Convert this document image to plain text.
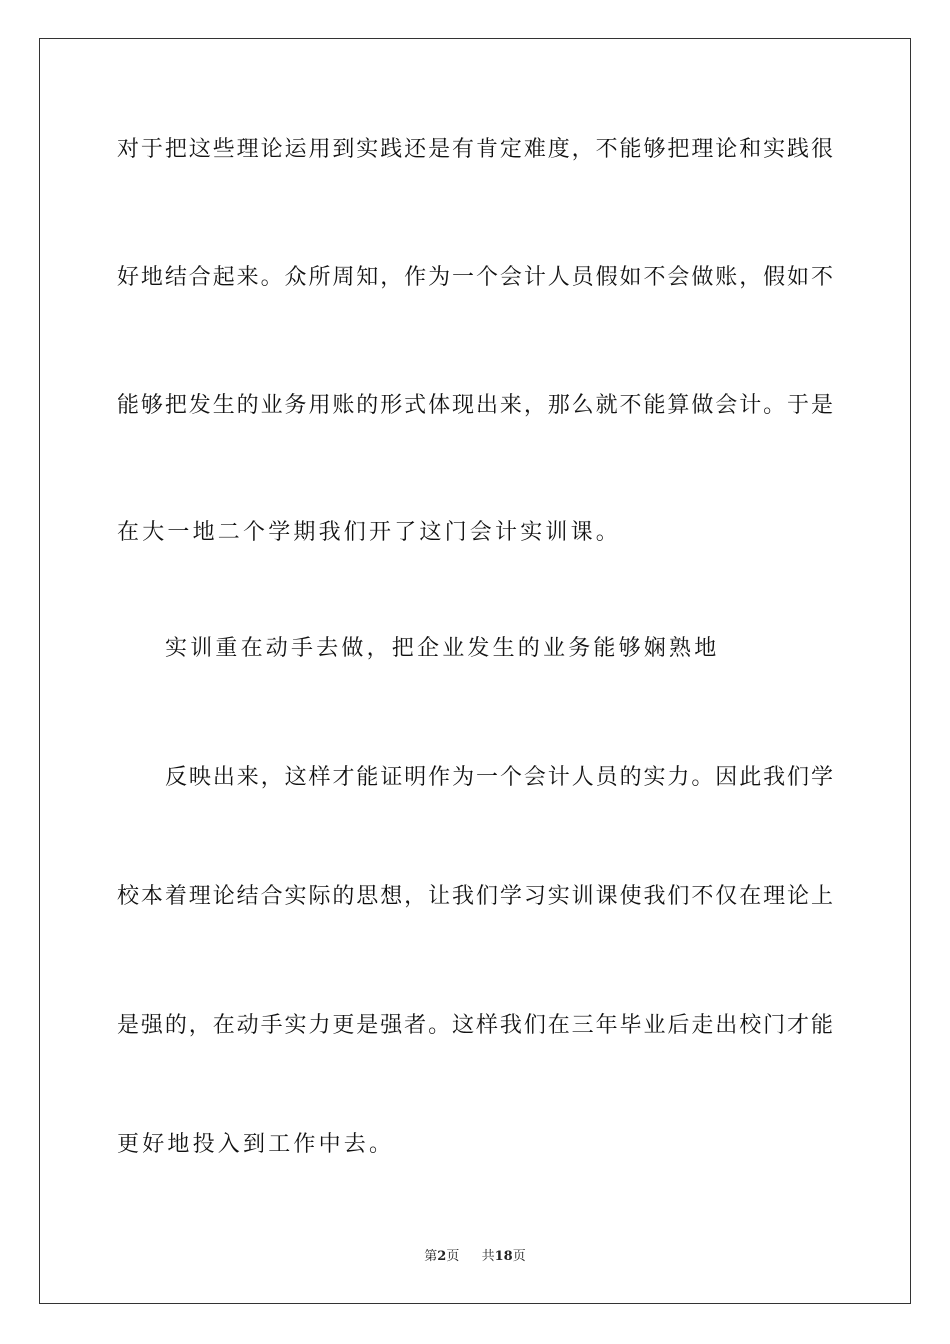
对于把这些理论运用到实践还是有肯定难度，不能够把理论和实践很
好地结合起来。众所周知，作为一个会计人员假如不会做账，假如不
能够把发生的业务用账的形式体现出来，那么就不能算做会计。于是
在大一地二个学期我们开了这门会计实训课。
实训重在动手去做，把企业发生的业务能够娴熟地
反映出来，这样才能证明作为一个会计人员的实力。因此我们学
校本着理论结合实际的思想，让我们学习实训课使我们不仅在理论上
是强的，在动手实力更是强者。这样我们在三年毕业后走出校门才能
更好地投入到工作中去。
第2页 共18页
